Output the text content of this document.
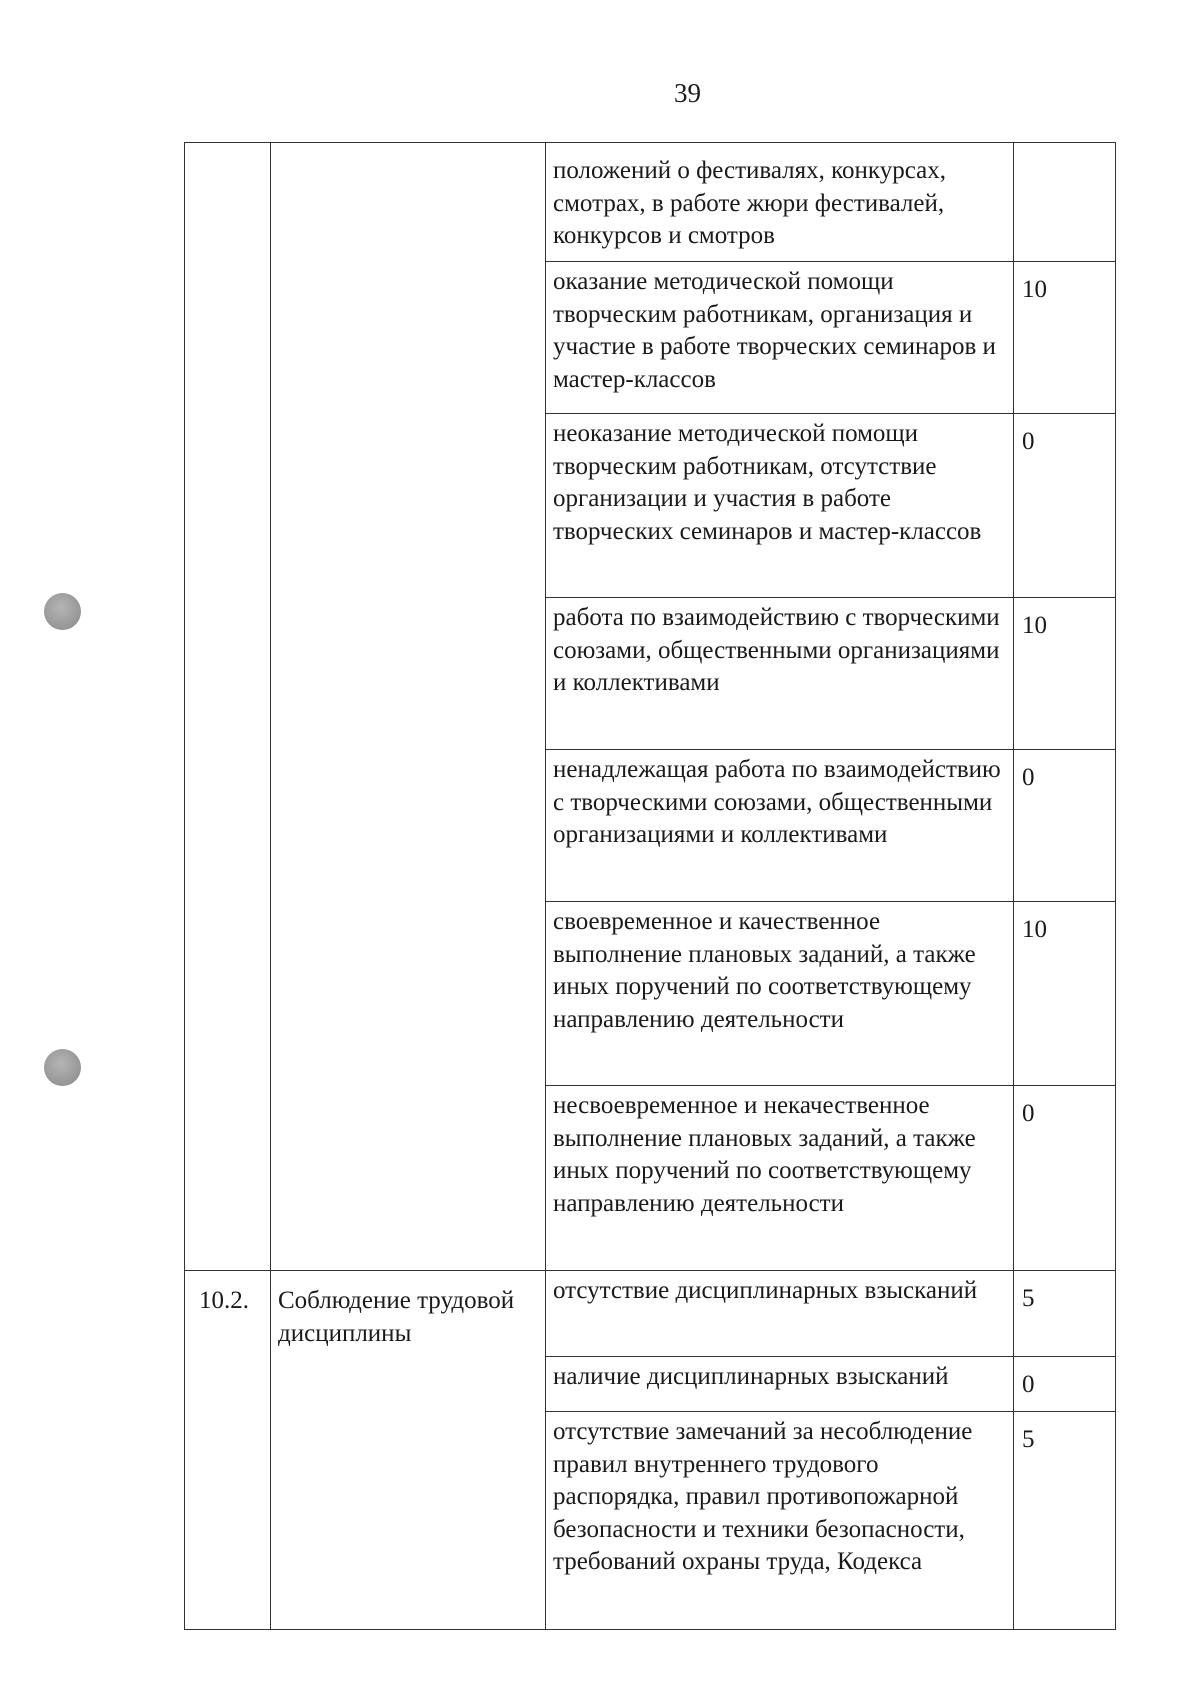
39
		положений о фестивалях, конкурсах, смотрах, в работе жюри фестивалей, конкурсов и смотров	
		оказание методической помощи творческим работникам, организация и участие в работе творческих семинаров и мастер-классов	10
		неоказание методической помощи творческим работникам, отсутствие организации и участия в работе творческих семинаров и мастер-классов	0
		работа по взаимодействию с творческими союзами, общественными организациями и коллективами	10
		ненадлежащая работа по взаимодействию с творческими союзами, общественными организациями и коллективами	0
		своевременное и качественное выполнение плановых заданий, а также иных поручений по соответствующему направлению деятельности	10
		несвоевременное и некачественное выполнение плановых заданий, а также иных поручений по соответствующему направлению деятельности	0
10.2.	Соблюдение трудовой дисциплины	отсутствие дисциплинарных взысканий	5
		наличие дисциплинарных взысканий	0
		отсутствие замечаний за несоблюдение правил внутреннего трудового распорядка, правил противопожарной безопасности и техники безопасности, требований охраны труда, Кодекса	5
